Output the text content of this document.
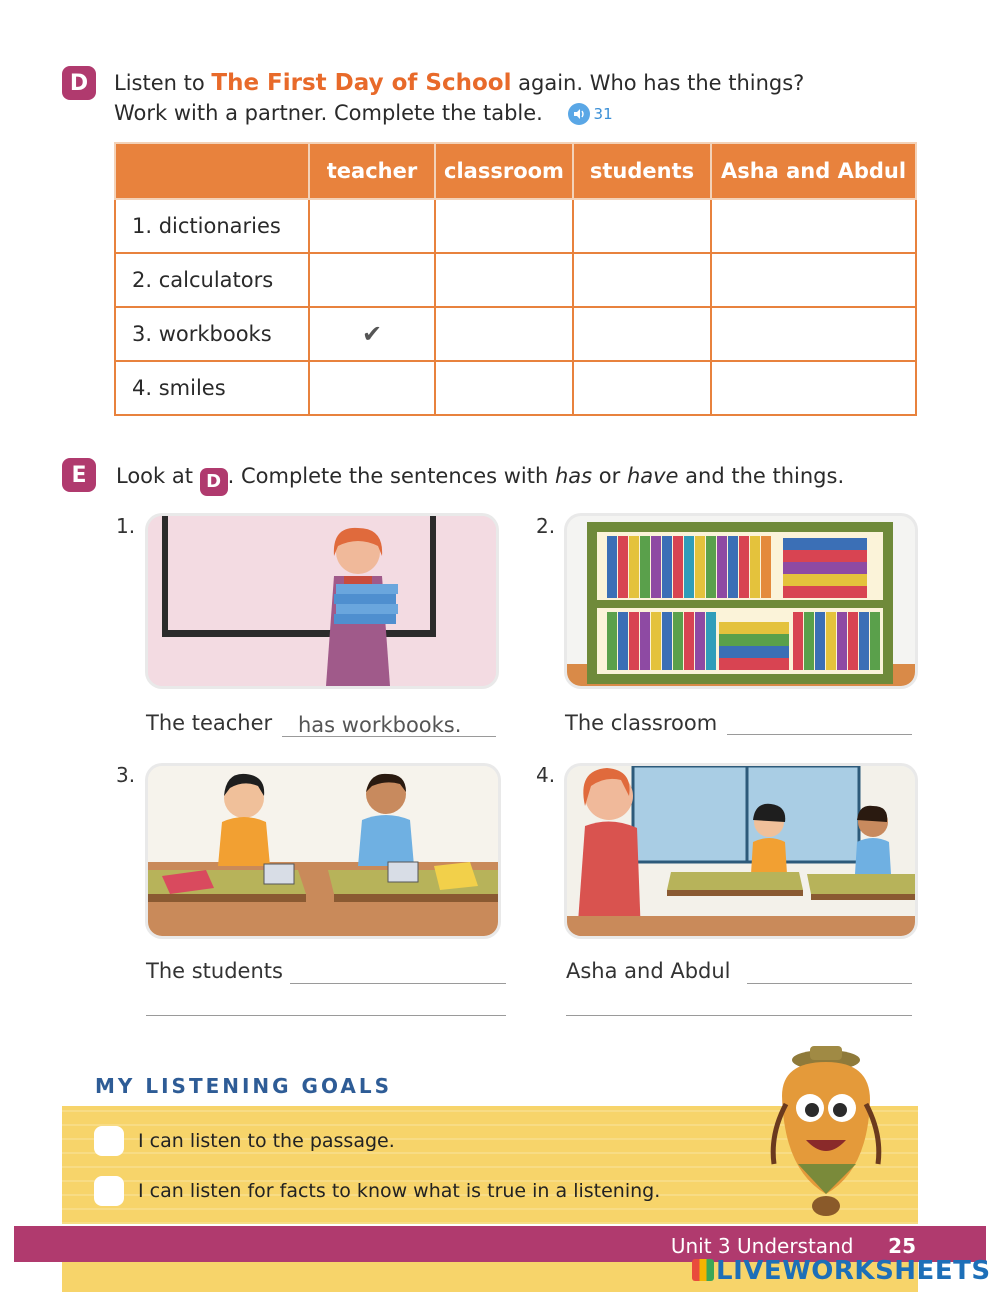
D	Listen to The First Day of School again. Who has the things?
Work with a partner. Complete the table.	31
	teacher	classroom	students	Asha and Abdul
1. dictionaries				
2. calculators				
3. workbooks	✔			
4. smiles				
E	Look at D . Complete the sentences with has or have and the things.
1.
The teacher has workbooks.
2.
The classroom
3.
The students
4.
Asha and Abdul
MY LISTENING GOALS
I can listen to the passage.
I can listen for facts to know what is true in a listening.
Unit 3 Understand 25
LIVEWORKSHEETS
